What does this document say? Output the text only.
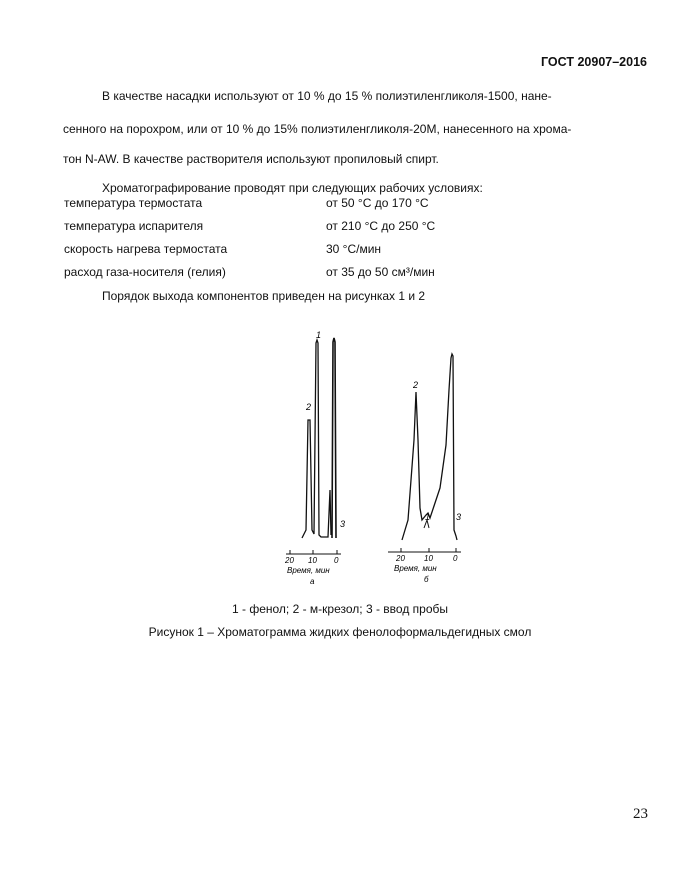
ГОСТ 20907–2016
В качестве насадки используют от 10 % до 15 % полиэтиленгликоля-1500, нане-
сенного на порохром, или от 10 % до 15% полиэтиленгликоля-20М, нанесенного на хрома-
тон N-AW. В качестве растворителя используют пропиловый спирт.
Хроматографирование проводят при следующих рабочих условиях:
температура термостата	от 50 °С до 170 °С
температура испарителя	от 210 °С до 250 °С
скорость нагрева термостата	30 °С/мин
расход газа-носителя (гелия)	от 35 до 50 см³/мин
Порядок выхода компонентов приведен на рисунках 1 и 2
1
2
3
20 10 0
Время, мин
а
2
1	3
20 10	0
Время, мин
б
1 - фенол; 2 - м-крезол; 3 - ввод пробы
Рисунок 1 – Хроматограмма жидких фенолоформальдегидных смол
23
